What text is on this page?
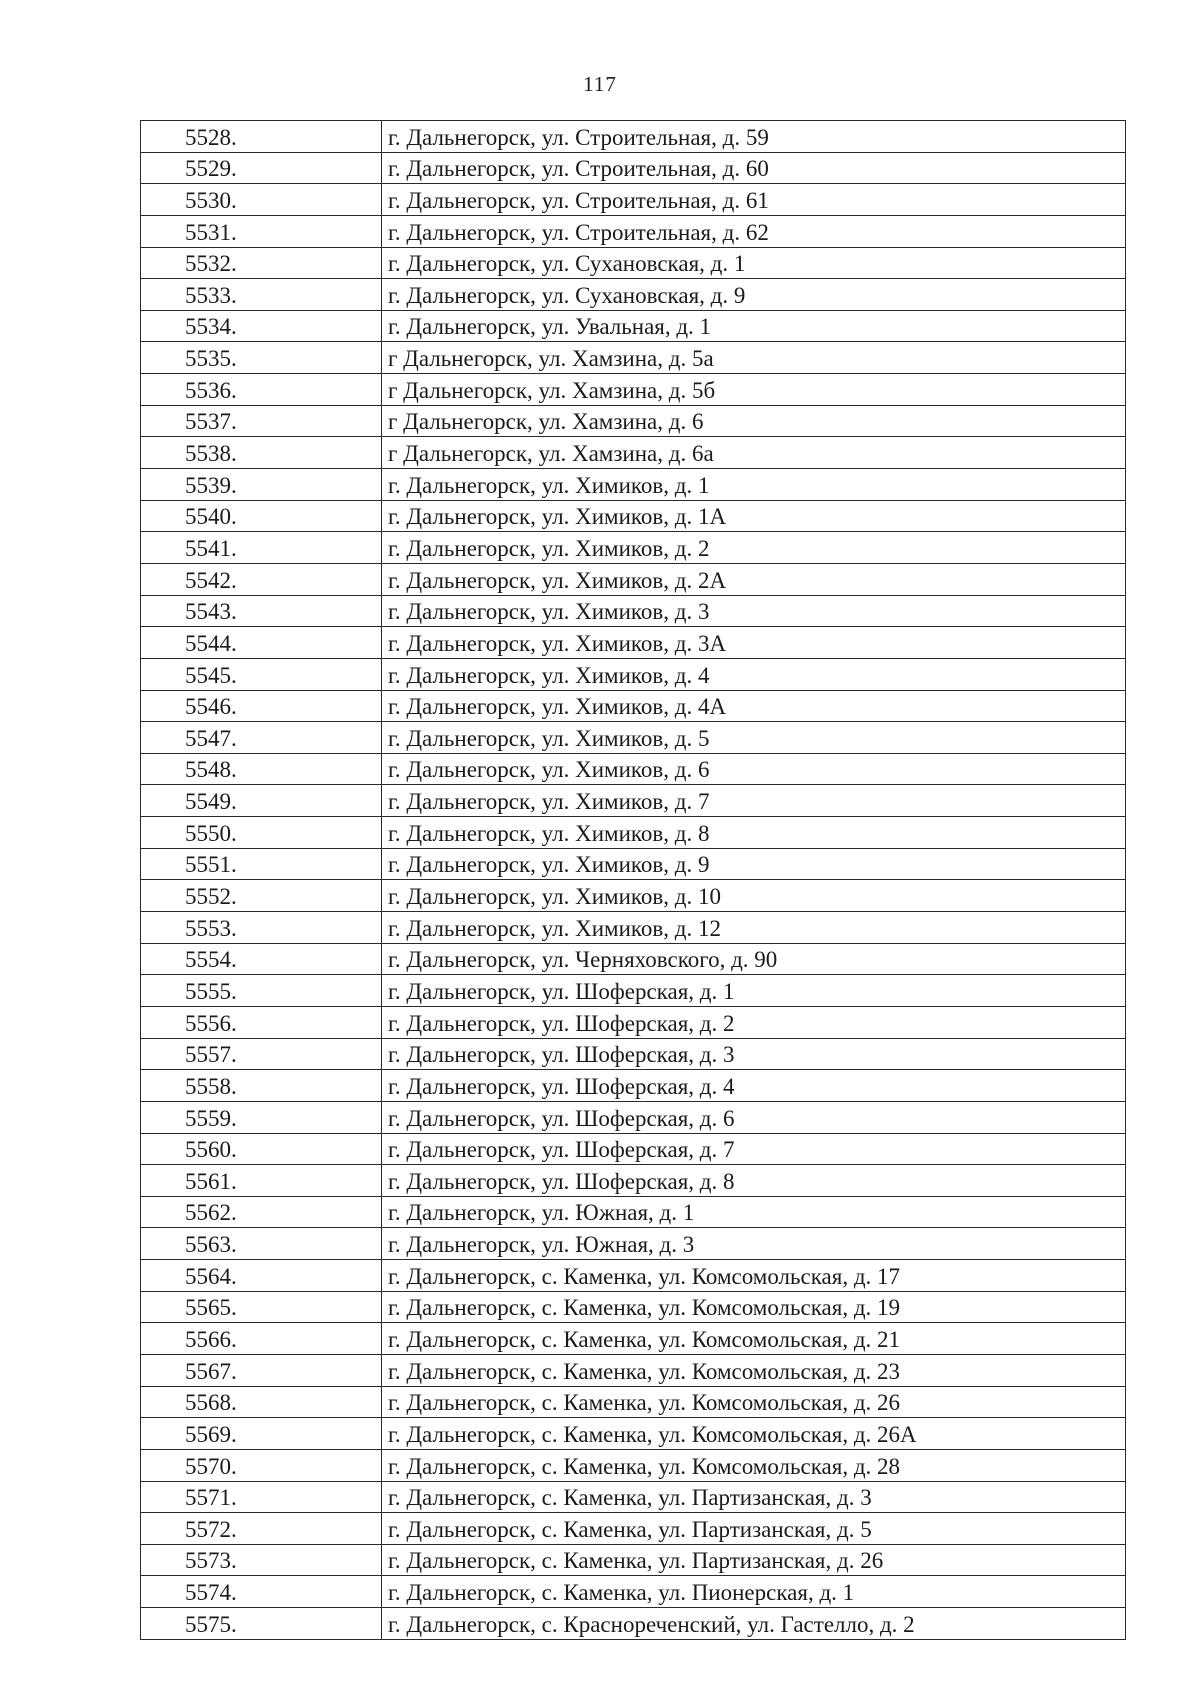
117
5528.	г. Дальнегорск, ул. Строительная, д. 59
5529.	г. Дальнегорск, ул. Строительная, д. 60
5530.	г. Дальнегорск, ул. Строительная, д. 61
5531.	г. Дальнегорск, ул. Строительная, д. 62
5532.	г. Дальнегорск, ул. Сухановская, д. 1
5533.	г. Дальнегорск, ул. Сухановская, д. 9
5534.	г. Дальнегорск, ул. Увальная, д. 1
5535.	г Дальнегорск, ул. Хамзина, д. 5а
5536.	г Дальнегорск, ул. Хамзина, д. 5б
5537.	г Дальнегорск, ул. Хамзина, д. 6
5538.	г Дальнегорск, ул. Хамзина, д. 6а
5539.	г. Дальнегорск, ул. Химиков, д. 1
5540.	г. Дальнегорск, ул. Химиков, д. 1А
5541.	г. Дальнегорск, ул. Химиков, д. 2
5542.	г. Дальнегорск, ул. Химиков, д. 2А
5543.	г. Дальнегорск, ул. Химиков, д. 3
5544.	г. Дальнегорск, ул. Химиков, д. 3А
5545.	г. Дальнегорск, ул. Химиков, д. 4
5546.	г. Дальнегорск, ул. Химиков, д. 4А
5547.	г. Дальнегорск, ул. Химиков, д. 5
5548.	г. Дальнегорск, ул. Химиков, д. 6
5549.	г. Дальнегорск, ул. Химиков, д. 7
5550.	г. Дальнегорск, ул. Химиков, д. 8
5551.	г. Дальнегорск, ул. Химиков, д. 9
5552.	г. Дальнегорск, ул. Химиков, д. 10
5553.	г. Дальнегорск, ул. Химиков, д. 12
5554.	г. Дальнегорск, ул. Черняховского, д. 90
5555.	г. Дальнегорск, ул. Шоферская, д. 1
5556.	г. Дальнегорск, ул. Шоферская, д. 2
5557.	г. Дальнегорск, ул. Шоферская, д. 3
5558.	г. Дальнегорск, ул. Шоферская, д. 4
5559.	г. Дальнегорск, ул. Шоферская, д. 6
5560.	г. Дальнегорск, ул. Шоферская, д. 7
5561.	г. Дальнегорск, ул. Шоферская, д. 8
5562.	г. Дальнегорск, ул. Южная, д. 1
5563.	г. Дальнегорск, ул. Южная, д. 3
5564.	г. Дальнегорск, с. Каменка, ул. Комсомольская, д. 17
5565.	г. Дальнегорск, с. Каменка, ул. Комсомольская, д. 19
5566.	г. Дальнегорск, с. Каменка, ул. Комсомольская, д. 21
5567.	г. Дальнегорск, с. Каменка, ул. Комсомольская, д. 23
5568.	г. Дальнегорск, с. Каменка, ул. Комсомольская, д. 26
5569.	г. Дальнегорск, с. Каменка, ул. Комсомольская, д. 26А
5570.	г. Дальнегорск, с. Каменка, ул. Комсомольская, д. 28
5571.	г. Дальнегорск, с. Каменка, ул. Партизанская, д. 3
5572.	г. Дальнегорск, с. Каменка, ул. Партизанская, д. 5
5573.	г. Дальнегорск, с. Каменка, ул. Партизанская, д. 26
5574.	г. Дальнегорск, с. Каменка, ул. Пионерская, д. 1
5575.	г. Дальнегорск, с. Краснореченский, ул. Гастелло, д. 2
